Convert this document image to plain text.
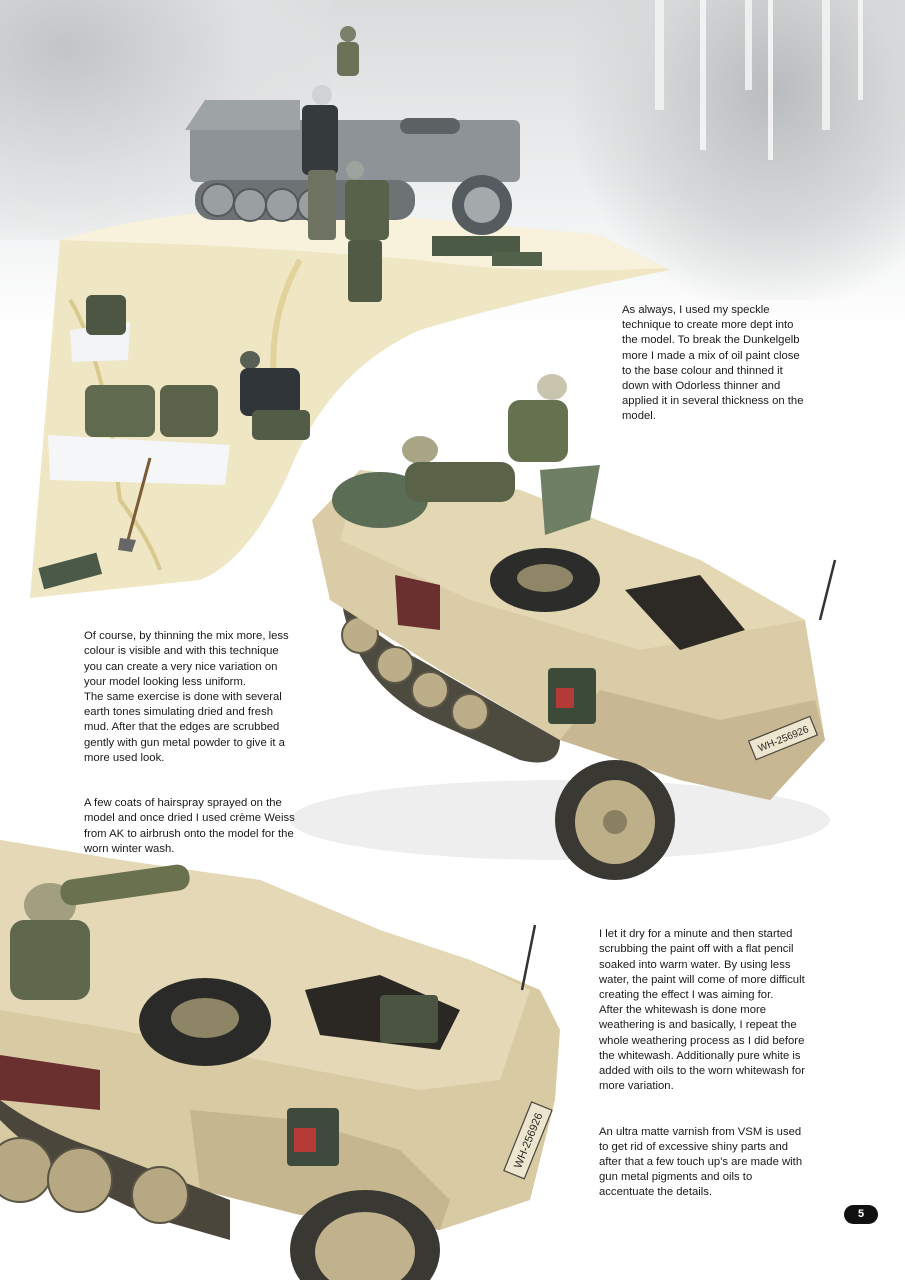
WH-256926
WH-256926
As always, I used my speckle
technique to create more dept into
the model. To break the Dunkelgelb
more I made a mix of oil paint close
to the base colour and thinned it
down with Odorless thinner and
applied it in several thickness on the
model.

Of course, by thinning the mix more, less
colour is visible and with this technique
you can create a very nice variation on
your model looking less uniform.
The same exercise is done with several
earth tones simulating dried and fresh
mud. After that the edges are scrubbed
gently with gun metal powder to give it a
more used look.

A few coats of hairspray sprayed on the
model and once dried I used crème Weiss
from AK to airbrush onto the model for the
worn winter wash.

I let it dry for a minute and then started
scrubbing the paint off with a flat pencil
soaked into warm water. By using less
water, the paint will come of more difficult
creating the effect I was aiming for.
After the whitewash is done more
weathering is and basically, I repeat the
whole weathering process as I did before
the whitewash. Additionally pure white is
added with oils to the worn whitewash for
more variation.

An ultra matte varnish from VSM is used
to get rid of excessive shiny parts and
after that a few touch up's are made with
gun metal pigments and oils to
accentuate the details.

5
